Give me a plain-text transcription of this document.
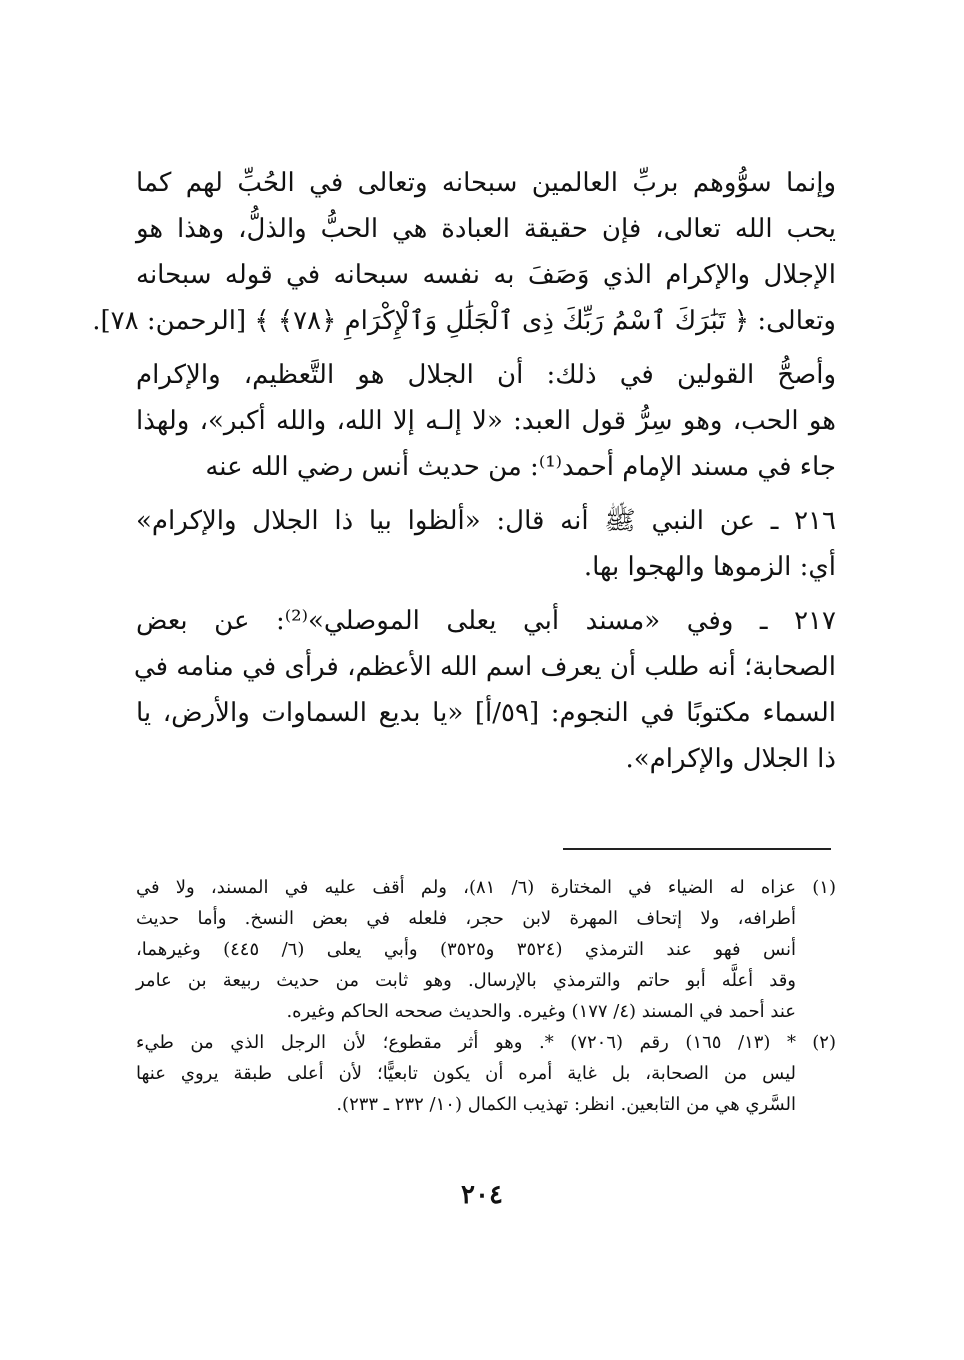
وإنما سوُّوهم بربِّ العالمين سبحانه وتعالى في الحُبِّ لهم كما
يحب الله تعالى، فإن حقيقة العبادة هي الحبُّ والذلُّ، وهذا هو
الإجلال والإكرام الذي وَصَفَ به نفسه سبحانه في قوله سبحانه
وتعالى: ﴿ تَبَٰرَكَ ٱسْمُ رَبِّكَ ذِى ٱلْجَلَٰلِ وَٱلْإِكْرَامِ ﴿٧٨﴾ ﴾ [الرحمن: ٧٨].
وأصحُّ القولين في ذلك: أن الجلال هو التَّعظيم، والإكرام
هو الحب، وهو سِرُّ قول العبد: «لا إلـه إلا الله، والله أكبر»، ولهذا
جاء في مسند الإمام أحمد⁽¹⁾: من حديث أنس رضي الله عنه
٢١٦ ـ عن النبي ﷺ أنه قال: «ألظوا بيا ذا الجلال والإكرام»
أي: الزموها والهجوا بها.
٢١٧ ـ وفي «مسند أبي يعلى الموصلي»⁽²⁾: عن بعض
الصحابة؛ أنه طلب أن يعرف اسم الله الأعظم، فرأى في منامه في
السماء مكتوبًا في النجوم: [٥٩/أ] «يا بديع السماوات والأرض، يا
ذا الجلال والإكرام».
(١)
عزاه له الضياء في المختارة (٦/ ٨١)، ولم أقف عليه في المسند، ولا في
أطرافه، ولا إتحاف المهرة لابن حجر، فلعله في بعض النسخ. وأما حديث
أنس فهو عند الترمذي (٣٥٢٤ و٣٥٢٥) وأبي يعلى (٦/ ٤٤٥) وغيرهما،
وقد أعلَّه أبو حاتم والترمذي بالإرسال. وهو ثابت من حديث ربيعة بن عامر
عند أحمد في المسند (٤/ ١٧٧) وغيره. والحديث صححه الحاكم وغيره.
(٢)
* (١٣/ ١٦٥) رقم (٧٢٠٦) *. وهو أثر مقطوع؛ لأن الرجل الذي من طيء
ليس من الصحابة، بل غاية أمره أن يكون تابعيًّا؛ لأن أعلى طبقة يروي عنها
السَّري هي من التابعين. انظر: تهذيب الكمال (١٠/ ٢٣٢ ـ ٢٣٣).
٢٠٤
